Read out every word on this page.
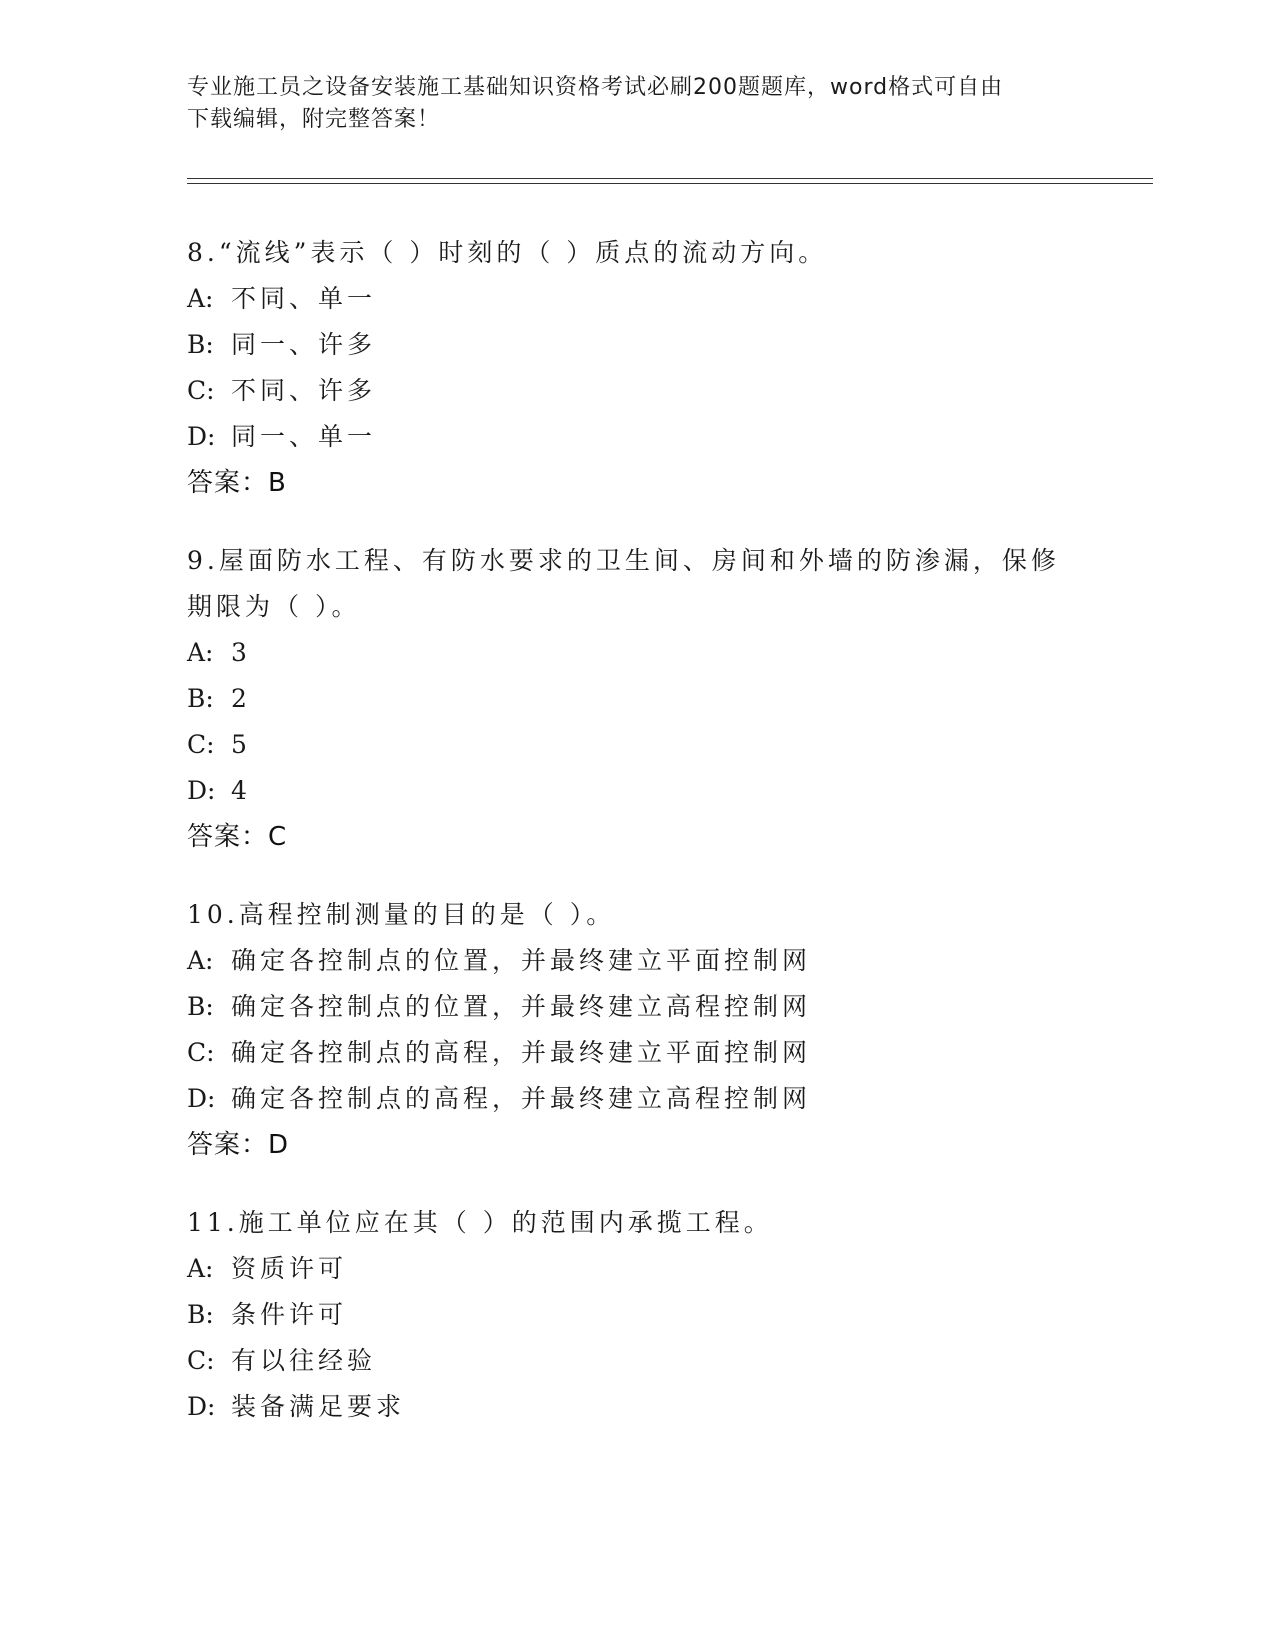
专业施工员之设备安装施工基础知识资格考试必刷200题题库，word格式可自由
下载编辑，附完整答案！
8.“流线”表示（ ）时刻的（ ）质点的流动方向。
A: 不同、单一
B: 同一、许多
C: 不同、许多
D: 同一、单一
答案：B
9.屋面防水工程、有防水要求的卫生间、房间和外墙的防渗漏，保修期限为（ ）。
A: 3
B: 2
C: 5
D: 4
答案：C
10.高程控制测量的目的是（ ）。
A: 确定各控制点的位置，并最终建立平面控制网
B: 确定各控制点的位置，并最终建立高程控制网
C: 确定各控制点的高程，并最终建立平面控制网
D: 确定各控制点的高程，并最终建立高程控制网
答案：D
11.施工单位应在其（ ）的范围内承揽工程。
A: 资质许可
B: 条件许可
C: 有以往经验
D: 装备满足要求
